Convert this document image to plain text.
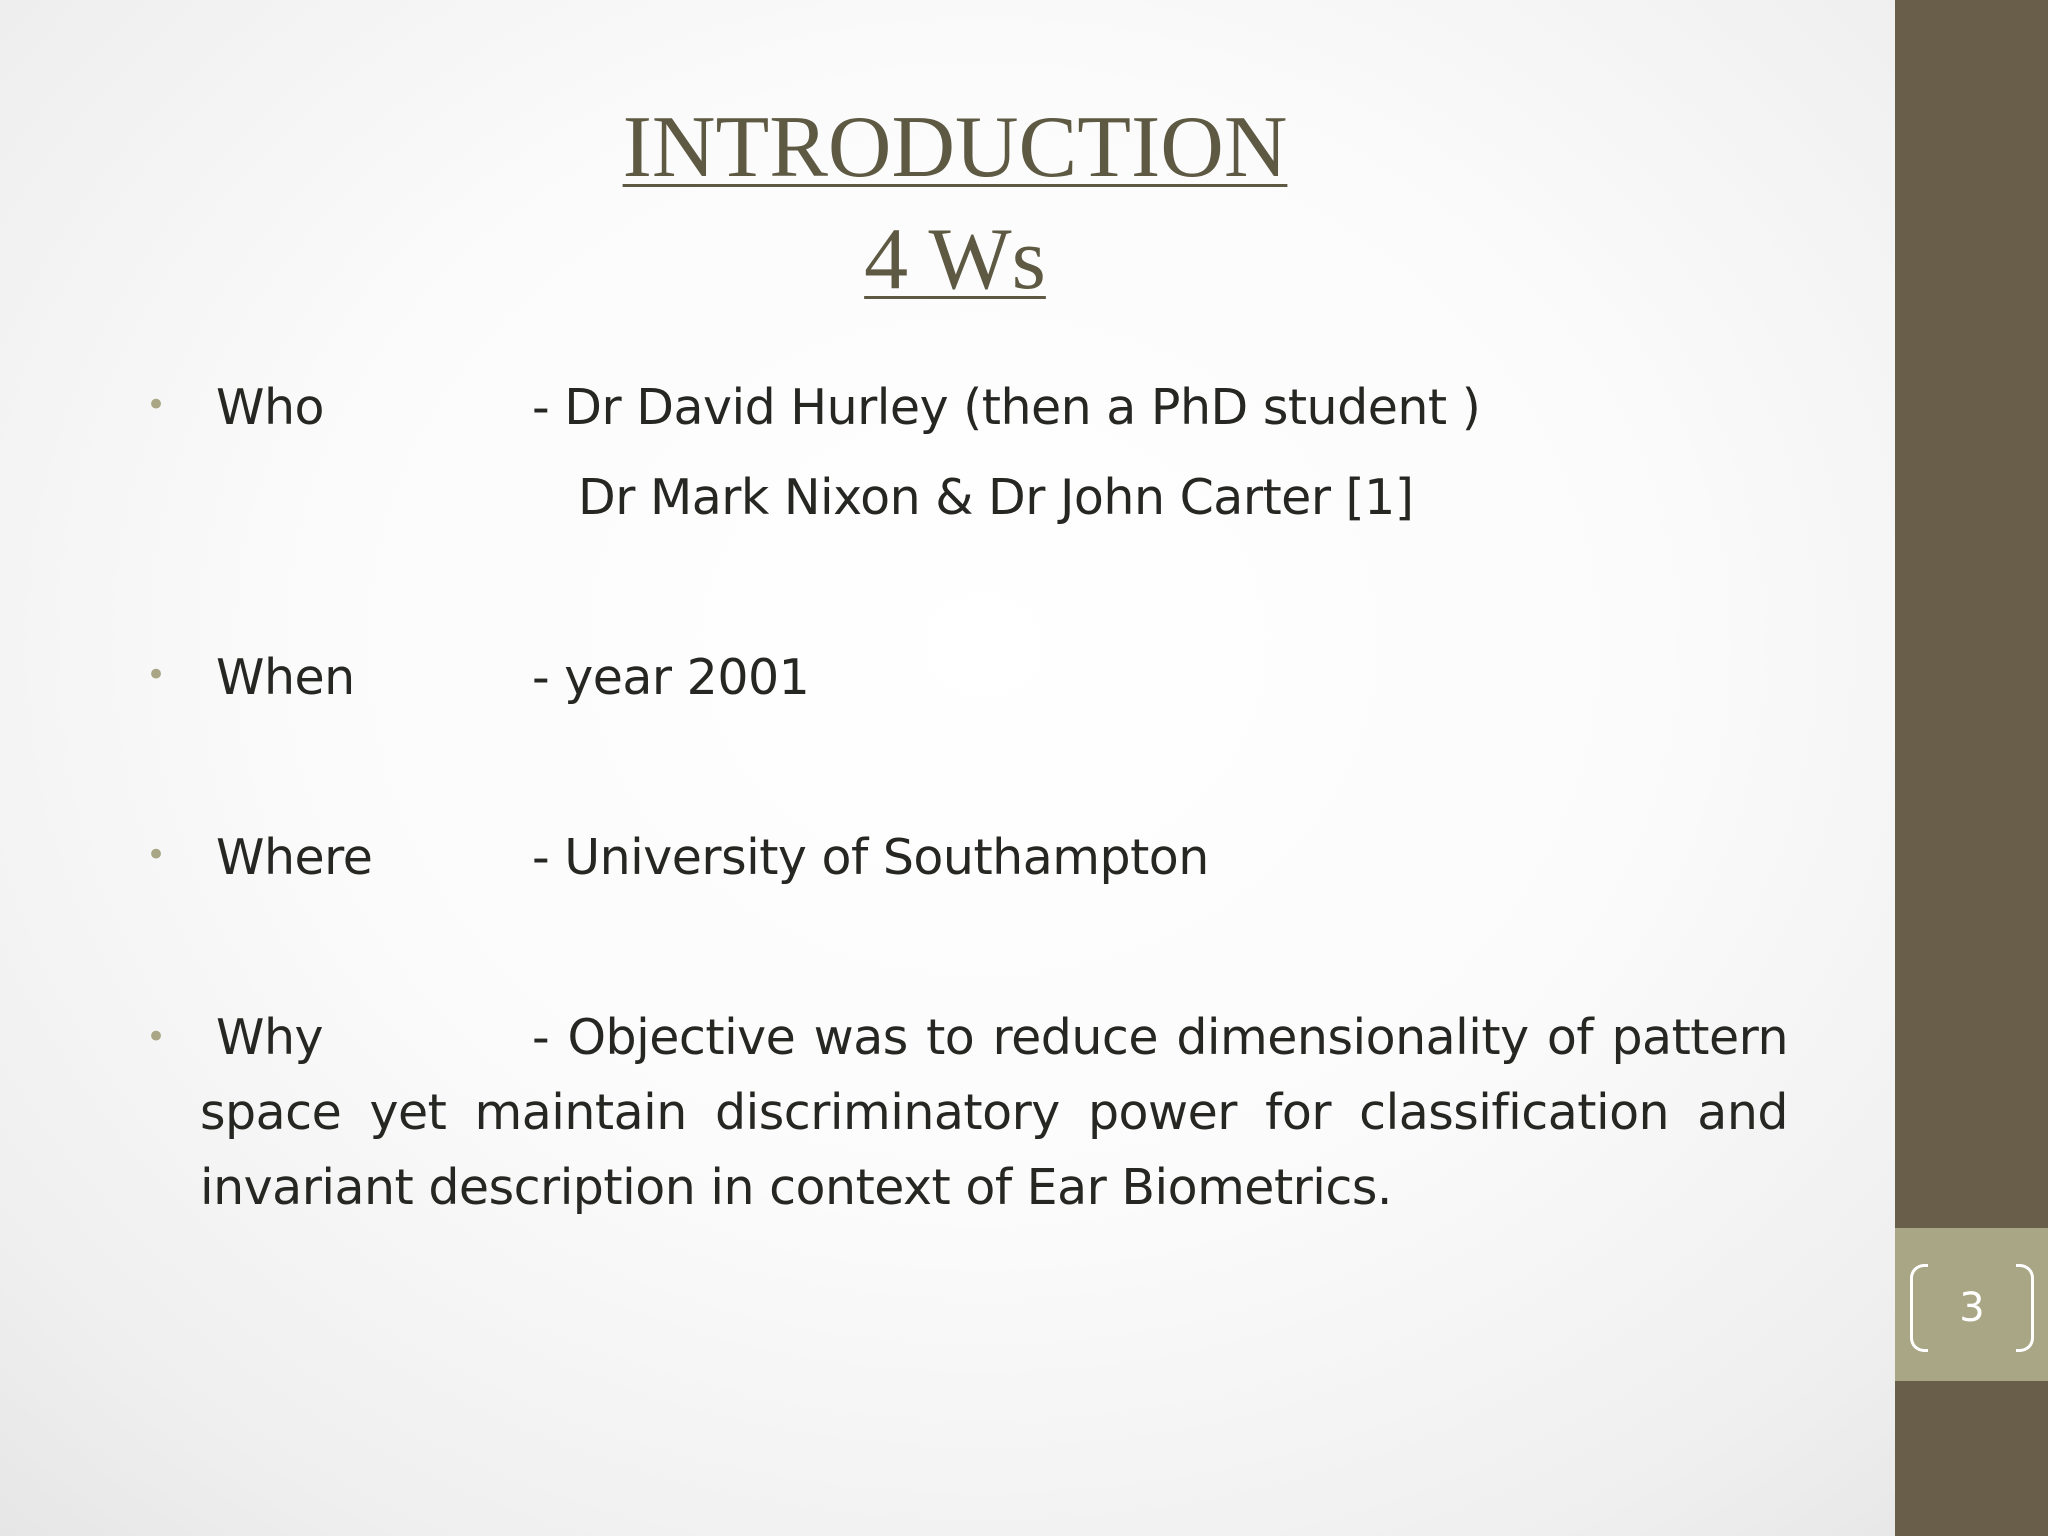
3
INTRODUCTION
4 Ws
• Who	- Dr David Hurley (then a PhD student )
Dr Mark Nixon & Dr John Carter [1]
• When	- year 2001
• Where	- University of Southampton
•	Why	- Objective was to reduce dimensionality of pattern space yet maintain discriminatory power for classification and invariant description in context of Ear Biometrics.
